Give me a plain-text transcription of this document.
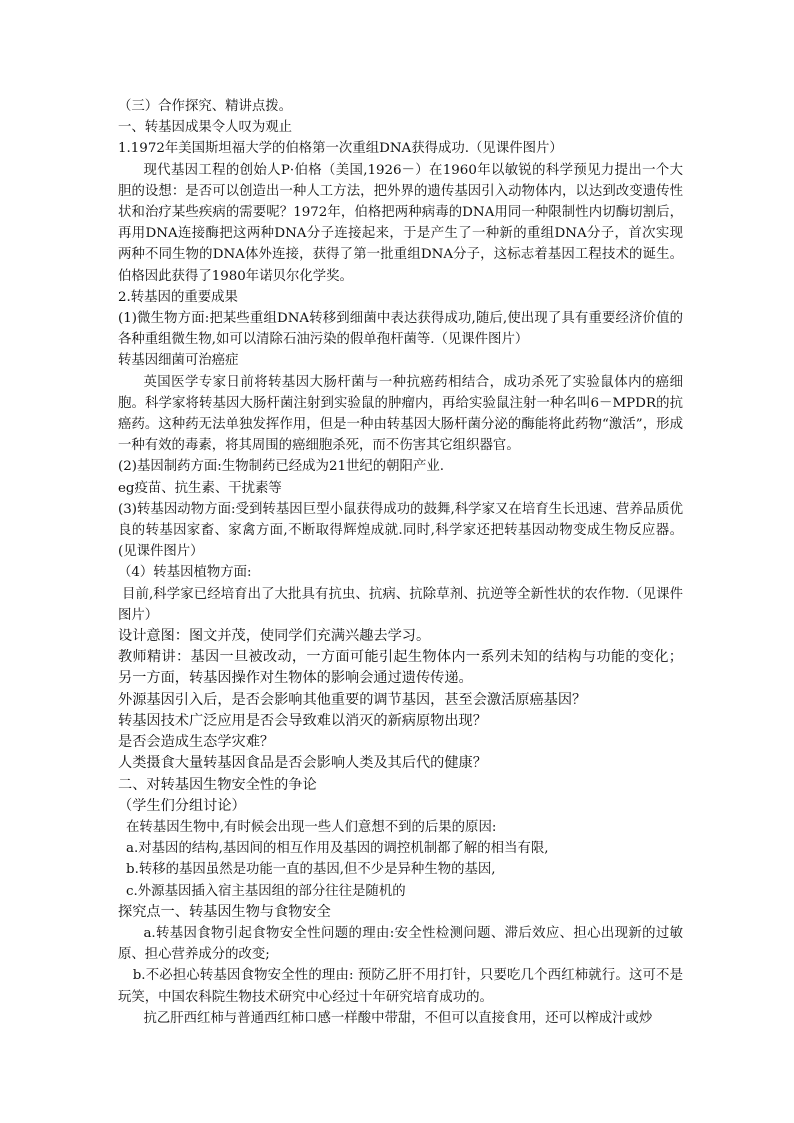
（三）合作探究、精讲点拨。
一、转基因成果令人叹为观止
1.1972年美国斯坦福大学的伯格第一次重组DNA获得成功.（见课件图片）
现代基因工程的创始人P·伯格（美国,1926－）在1960年以敏锐的科学预见力提出一个大胆的设想：是否可以创造出一种人工方法，把外界的遗传基因引入动物体内，以达到改变遗传性状和治疗某些疾病的需要呢？1972年，伯格把两种病毒的DNA用同一种限制性内切酶切割后，再用DNA连接酶把这两种DNA分子连接起来，于是产生了一种新的重组DNA分子，首次实现两种不同生物的DNA体外连接，获得了第一批重组DNA分子，这标志着基因工程技术的诞生。伯格因此获得了1980年诺贝尔化学奖。
2.转基因的重要成果
(1)微生物方面:把某些重组DNA转移到细菌中表达获得成功,随后,使出现了具有重要经济价值的各种重组微生物,如可以清除石油污染的假单孢杆菌等.（见课件图片）
转基因细菌可治癌症
英国医学专家日前将转基因大肠杆菌与一种抗癌药相结合，成功杀死了实验鼠体内的癌细胞。科学家将转基因大肠杆菌注射到实验鼠的肿瘤内，再给实验鼠注射一种名叫6－MPDR的抗癌药。这种药无法单独发挥作用，但是一种由转基因大肠杆菌分泌的酶能将此药物“激活”，形成一种有效的毒素，将其周围的癌细胞杀死，而不伤害其它组织器官。
(2)基因制药方面:生物制药已经成为21世纪的朝阳产业.
eg疫苗、抗生素、干扰素等
(3)转基因动物方面:受到转基因巨型小鼠获得成功的鼓舞,科学家又在培育生长迅速、营养品质优良的转基因家畜、家禽方面,不断取得辉煌成就.同时,科学家还把转基因动物变成生物反应器。(见课件图片）
（4）转基因植物方面:
目前,科学家已经培育出了大批具有抗虫、抗病、抗除草剂、抗逆等全新性状的农作物.（见课件图片）
设计意图：图文并茂，使同学们充满兴趣去学习。
教师精讲：基因一旦被改动，一方面可能引起生物体内一系列未知的结构与功能的变化；另一方面，转基因操作对生物体的影响会通过遗传传递。
外源基因引入后，是否会影响其他重要的调节基因，甚至会激活原癌基因？
转基因技术广泛应用是否会导致难以消灭的新病原物出现？
是否会造成生态学灾难？
人类摄食大量转基因食品是否会影响人类及其后代的健康？
二、对转基因生物安全性的争论
（学生们分组讨论）
在转基因生物中,有时候会出现一些人们意想不到的后果的原因:
a.对基因的结构,基因间的相互作用及基因的调控机制都了解的相当有限,
b.转移的基因虽然是功能一直的基因,但不少是异种生物的基因,
c.外源基因插入宿主基因组的部分往往是随机的
探究点一、转基因生物与食物安全
a.转基因食物引起食物安全性问题的理由:安全性检测问题、滞后效应、担心出现新的过敏原、担心营养成分的改变;
b.不必担心转基因食物安全性的理由: 预防乙肝不用打针，只要吃几个西红柿就行。这可不是玩笑，中国农科院生物技术研究中心经过十年研究培育成功的。
抗乙肝西红柿与普通西红柿口感一样酸中带甜，不但可以直接食用，还可以榨成汁或炒
